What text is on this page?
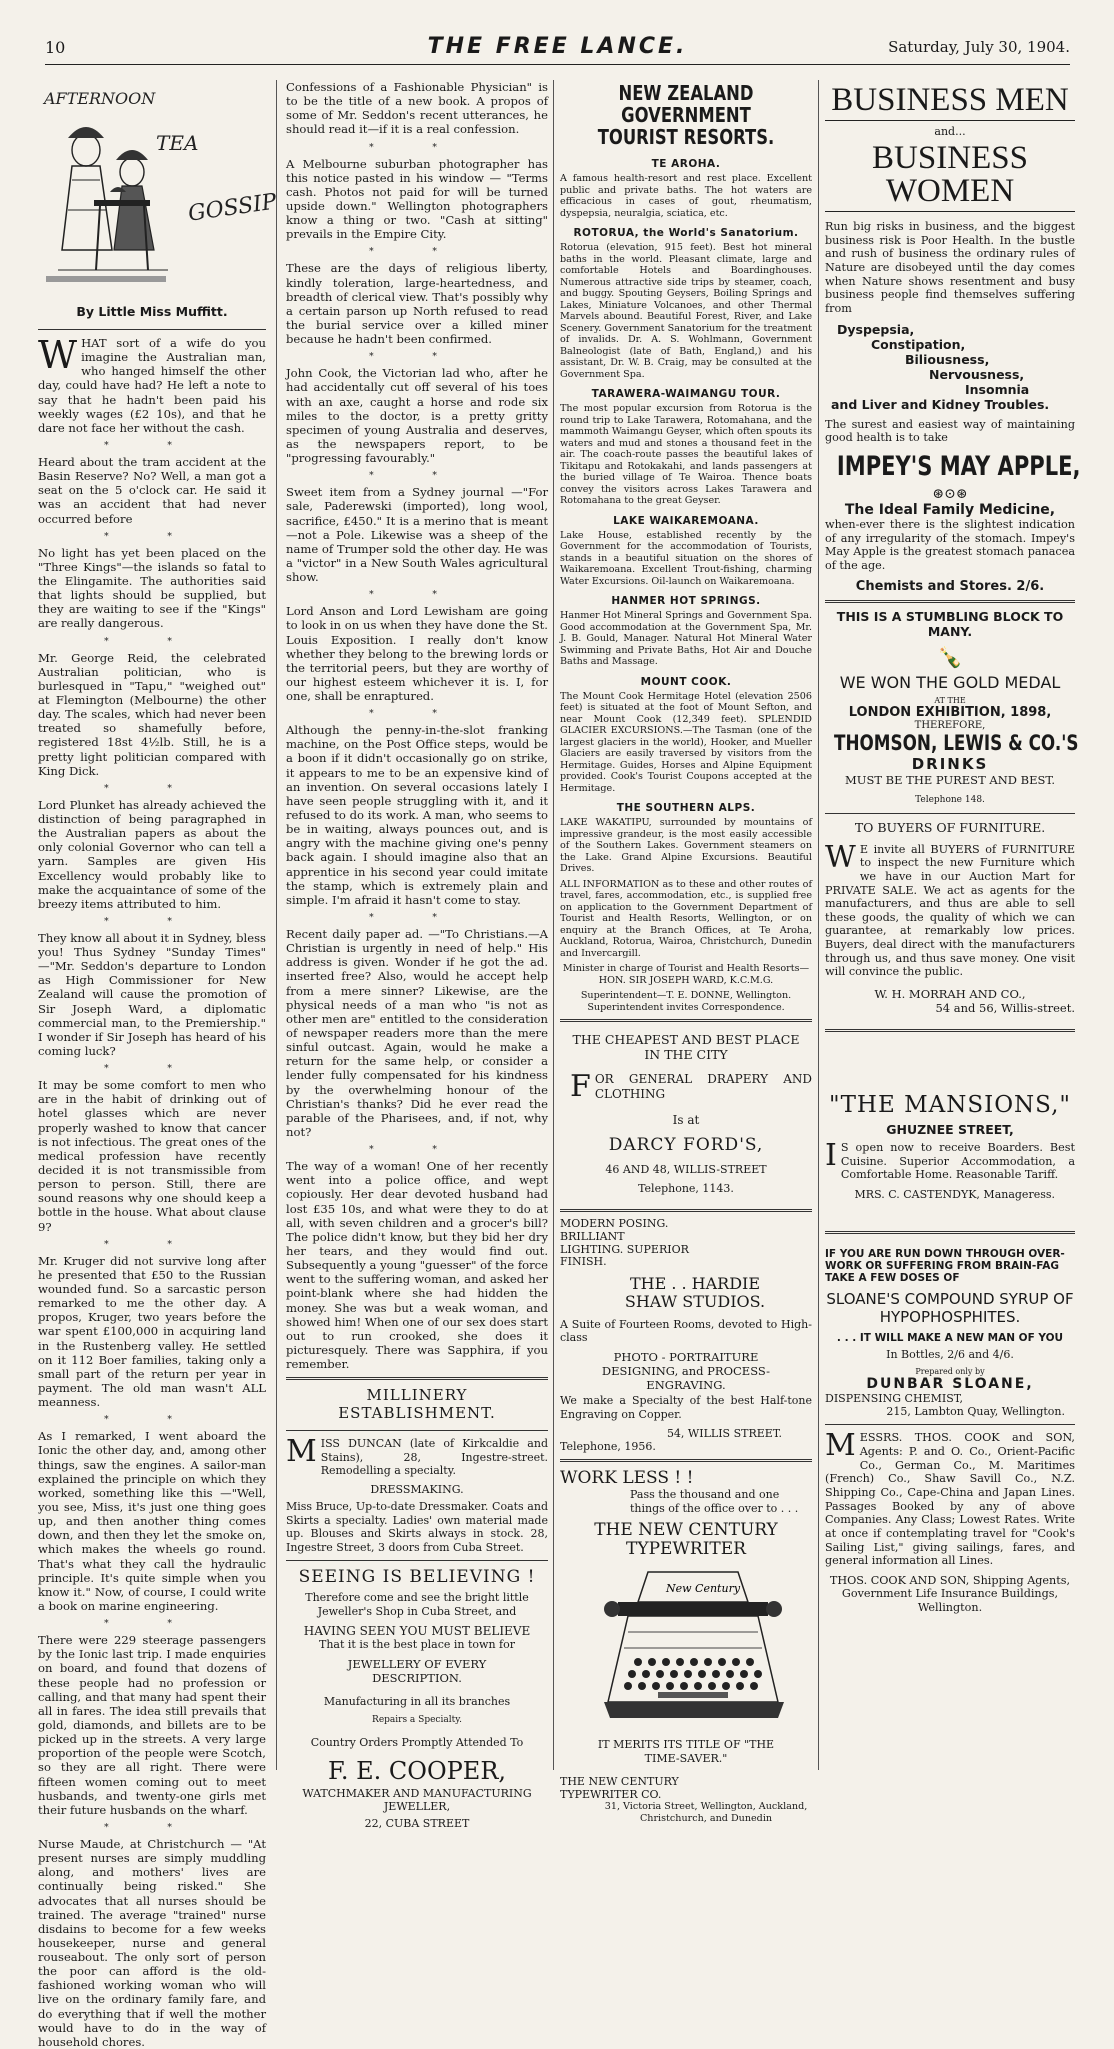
10	THE FREE LANCE.	Saturday, July 30, 1904.
AFTERNOON
TEA
GOSSIP
By Little Miss Muffitt.

WHAT sort of a wife do you imagine the Australian man, who hanged himself the other day, could have had? He left a note to say that he hadn't been paid his weekly wages (£2 10s), and that he dare not face her without the cash.

* *

Heard about the tram accident at the Basin Reserve? No? Well, a man got a seat on the 5 o'clock car. He said it was an accident that had never occurred before

* *

No light has yet been placed on the "Three Kings"—the islands so fatal to the Elingamite. The authorities said that lights should be supplied, but they are waiting to see if the "Kings" are really dangerous.

* *

Mr. George Reid, the celebrated Australian politician, who is burlesqued in "Tapu," "weighed out" at Flemington (Melbourne) the other day. The scales, which had never been treated so shamefully before, registered 18st 4½lb. Still, he is a pretty light politician compared with King Dick.

* *

Lord Plunket has already achieved the distinction of being paragraphed in the Australian papers as about the only colonial Governor who can tell a yarn. Samples are given His Excellency would probably like to make the acquaintance of some of the breezy items attributed to him.

* *

They know all about it in Sydney, bless you! Thus Sydney "Sunday Times" —"Mr. Seddon's departure to London as High Commissioner for New Zealand will cause the promotion of Sir Joseph Ward, a diplomatic commercial man, to the Premiership." I wonder if Sir Joseph has heard of his coming luck?

* *

It may be some comfort to men who are in the habit of drinking out of hotel glasses which are never properly washed to know that cancer is not infectious. The great ones of the medical profession have recently decided it is not transmissible from person to person. Still, there are sound reasons why one should keep a bottle in the house. What about clause 9?

* *

Mr. Kruger did not survive long after he presented that £50 to the Russian wounded fund. So a sarcastic person remarked to me the other day. A propos, Kruger, two years before the war spent £100,000 in acquiring land in the Rustenberg valley. He settled on it 112 Boer families, taking only a small part of the return per year in payment. The old man wasn't ALL meanness.

* *

As I remarked, I went aboard the Ionic the other day, and, among other things, saw the engines. A sailor-man explained the principle on which they worked, something like this —"Well, you see, Miss, it's just one thing goes up, and then another thing comes down, and then they let the smoke on, which makes the wheels go round. That's what they call the hydraulic principle. It's quite simple when you know it." Now, of course, I could write a book on marine engineering.

* *

There were 229 steerage passengers by the Ionic last trip. I made enquiries on board, and found that dozens of these people had no profession or calling, and that many had spent their all in fares. The idea still prevails that gold, diamonds, and billets are to be picked up in the streets. A very large proportion of the people were Scotch, so they are all right. There were fifteen women coming out to meet husbands, and twenty-one girls met their future husbands on the wharf.

* *

Nurse Maude, at Christchurch — "At present nurses are simply muddling along, and mothers' lives are continually being risked." She advocates that all nurses should be trained. The average "trained" nurse disdains to become for a few weeks housekeeper, nurse and general rouseabout. The only sort of person the poor can afford is the old-fashioned working woman who will live on the ordinary family fare, and do everything that if well the mother would have to do in the way of household chores.

Confessions of a Fashionable Physician" is to be the title of a new book. A propos of some of Mr. Seddon's recent utterances, he should read it—if it is a real confession.

* *

A Melbourne suburban photographer has this notice pasted in his window — "Terms cash. Photos not paid for will be turned upside down." Wellington photographers know a thing or two. "Cash at sitting" prevails in the Empire City.

* *

These are the days of religious liberty, kindly toleration, large-heartedness, and breadth of clerical view. That's possibly why a certain parson up North refused to read the burial service over a killed miner because he hadn't been confirmed.

* *

John Cook, the Victorian lad who, after he had accidentally cut off several of his toes with an axe, caught a horse and rode six miles to the doctor, is a pretty gritty specimen of young Australia and deserves, as the newspapers report, to be "progressing favourably."

* *

Sweet item from a Sydney journal —"For sale, Paderewski (imported), long wool, sacrifice, £450." It is a merino that is meant—not a Pole. Likewise was a sheep of the name of Trumper sold the other day. He was a "victor" in a New South Wales agricultural show.

* *

Lord Anson and Lord Lewisham are going to look in on us when they have done the St. Louis Exposition. I really don't know whether they belong to the brewing lords or the territorial peers, but they are worthy of our highest esteem whichever it is. I, for one, shall be enraptured.

* *

Although the penny-in-the-slot franking machine, on the Post Office steps, would be a boon if it didn't occasionally go on strike, it appears to me to be an expensive kind of an invention. On several occasions lately I have seen people struggling with it, and it refused to do its work. A man, who seems to be in waiting, always pounces out, and is angry with the machine giving one's penny back again. I should imagine also that an apprentice in his second year could imitate the stamp, which is extremely plain and simple. I'm afraid it hasn't come to stay.

* *

Recent daily paper ad. —"To Christians.—A Christian is urgently in need of help." His address is given. Wonder if he got the ad. inserted free? Also, would he accept help from a mere sinner? Likewise, are the physical needs of a man who "is not as other men are" entitled to the consideration of newspaper readers more than the mere sinful outcast. Again, would he make a return for the same help, or consider a lender fully compensated for his kindness by the overwhelming honour of the Christian's thanks? Did he ever read the parable of the Pharisees, and, if not, why not?

* *

The way of a woman! One of her recently went into a police office, and wept copiously. Her dear devoted husband had lost £35 10s, and what were they to do at all, with seven children and a grocer's bill? The police didn't know, but they bid her dry her tears, and they would find out. Subsequently a young "guesser" of the force went to the suffering woman, and asked her point-blank where she had hidden the money. She was but a weak woman, and showed him! When one of our sex does start out to run crooked, she does it picturesquely. There was Sapphira, if you remember.

MILLINERY ESTABLISHMENT.

MISS DUNCAN (late of Kirkcaldie and Stains), 28, Ingestre-street. Remodelling a specialty.

DRESSMAKING.

Miss Bruce, Up-to-date Dressmaker. Coats and Skirts a specialty. Ladies' own material made up. Blouses and Skirts always in stock. 28, Ingestre Street, 3 doors from Cuba Street.

SEEING IS BELIEVING !

Therefore come and see the bright little Jeweller's Shop in Cuba Street, and

HAVING SEEN YOU MUST BELIEVE

That it is the best place in town for

JEWELLERY OF EVERY DESCRIPTION.

Manufacturing in all its branches

Repairs a Specialty.

Country Orders Promptly Attended To

F. E. COOPER,
WATCHMAKER AND MANUFACTURING JEWELLER,
22, CUBA STREET
NEW ZEALAND GOVERNMENT TOURIST RESORTS.
TE AROHA.

A famous health-resort and rest place. Excellent public and private baths. The hot waters are efficacious in cases of gout, rheumatism, dyspepsia, neuralgia, sciatica, etc.

ROTORUA, the World's Sanatorium.

Rotorua (elevation, 915 feet). Best hot mineral baths in the world. Pleasant climate, large and comfortable Hotels and Boardinghouses. Numerous attractive side trips by steamer, coach, and buggy. Spouting Geysers, Boiling Springs and Lakes, Miniature Volcanoes, and other Thermal Marvels abound. Beautiful Forest, River, and Lake Scenery. Government Sanatorium for the treatment of invalids. Dr. A. S. Wohlmann, Government Balneologist (late of Bath, England,) and his assistant, Dr. W. B. Craig, may be consulted at the Government Spa.

TARAWERA-WAIMANGU TOUR.

The most popular excursion from Rotorua is the round trip to Lake Tarawera, Rotomahana, and the mammoth Waimangu Geyser, which often spouts its waters and mud and stones a thousand feet in the air. The coach-route passes the beautiful lakes of Tikitapu and Rotokakahi, and lands passengers at the buried village of Te Wairoa. Thence boats convey the visitors across Lakes Tarawera and Rotomahana to the great Geyser.

LAKE WAIKAREMOANA.

Lake House, established recently by the Government for the accommodation of Tourists, stands in a beautiful situation on the shores of Waikaremoana. Excellent Trout-fishing, charming Water Excursions. Oil-launch on Waikaremoana.

HANMER HOT SPRINGS.

Hanmer Hot Mineral Springs and Government Spa. Good accommodation at the Government Spa, Mr. J. B. Gould, Manager. Natural Hot Mineral Water Swimming and Private Baths, Hot Air and Douche Baths and Massage.

MOUNT COOK.

The Mount Cook Hermitage Hotel (elevation 2506 feet) is situated at the foot of Mount Sefton, and near Mount Cook (12,349 feet). SPLENDID GLACIER EXCURSIONS.—The Tasman (one of the largest glaciers in the world), Hooker, and Mueller Glaciers are easily traversed by visitors from the Hermitage. Guides, Horses and Alpine Equipment provided. Cook's Tourist Coupons accepted at the Hermitage.

THE SOUTHERN ALPS.

LAKE WAKATIPU, surrounded by mountains of impressive grandeur, is the most easily accessible of the Southern Lakes. Government steamers on the Lake. Grand Alpine Excursions. Beautiful Drives.

ALL INFORMATION as to these and other routes of travel, fares, accommodation, etc., is supplied free on application to the Government Department of Tourist and Health Resorts, Wellington, or on enquiry at the Branch Offices, at Te Aroha, Auckland, Rotorua, Wairoa, Christchurch, Dunedin and Invercargill.

Minister in charge of Tourist and Health Resorts—HON. SIR JOSEPH WARD, K.C.M.G.

Superintendent—T. E. DONNE, Wellington. Superintendent invites Correspondence.

THE CHEAPEST AND BEST PLACE IN THE CITY

FOR GENERAL DRAPERY AND CLOTHING

Is at
DARCY FORD'S,
46 AND 48, WILLIS-STREET
Telephone, 1143.
MODERN POSING. BRILLIANT LIGHTING. SUPERIOR FINISH.
THE . . HARDIE SHAW STUDIOS.

A Suite of Fourteen Rooms, devoted to High-class

PHOTO - PORTRAITURE DESIGNING, and PROCESS-ENGRAVING.

We make a Specialty of the best Half-tone Engraving on Copper.

54, WILLIS STREET.
Telephone, 1956.
WORK LESS ! !

Pass the thousand and one things of the office over to . . .

THE NEW CENTURY TYPEWRITER
New Century

IT MERITS ITS TITLE OF "THE TIME-SAVER."

THE NEW CENTURY TYPEWRITER CO.

31, Victoria Street, Wellington, Auckland, Christchurch, and Dunedin

BUSINESS MEN
and...
BUSINESS WOMEN

Run big risks in business, and the biggest business risk is Poor Health. In the bustle and rush of business the ordinary rules of Nature are disobeyed until the day comes when Nature shows resentment and busy business people find themselves suffering from

Dyspepsia,
Constipation,
Biliousness,
Nervousness,
Insomnia
and Liver and Kidney Troubles.

The surest and easiest way of maintaining good health is to take

IMPEY'S MAY APPLE,
⊛⊙⊛
The Ideal Family Medicine,

when-ever there is the slightest indication of any irregularity of the stomach. Impey's May Apple is the greatest stomach panacea of the age.

Chemists and Stores. 2/6.
THIS IS A STUMBLING BLOCK TO MANY.
🍾
WE WON THE GOLD MEDAL
AT THE
LONDON EXHIBITION, 1898,
THEREFORE,
THOMSON, LEWIS & CO.'S
DRINKS
MUST BE THE PUREST AND BEST.
Telephone 148.
TO BUYERS OF FURNITURE.

W E invite all BUYERS of FURNITURE to inspect the new Furniture which we have in our Auction Mart for PRIVATE SALE. We act as agents for the manufacturers, and thus are able to sell these goods, the quality of which we can guarantee, at remarkably low prices. Buyers, deal direct with the manufacturers through us, and thus save money. One visit will convince the public.

W. H. MORRAH AND CO.,
54 and 56, Willis-street.
"THE MANSIONS,"
GHUZNEE STREET,

I S open now to receive Boarders. Best Cuisine. Superior Accommodation, a Comfortable Home. Reasonable Tariff.

MRS. C. CASTENDYK, Manageress.
IF YOU ARE RUN DOWN THROUGH OVER-WORK OR SUFFERING FROM BRAIN-FAG TAKE A FEW DOSES OF
SLOANE'S COMPOUND SYRUP OF HYPOPHOSPHITES.
. . . IT WILL MAKE A NEW MAN OF YOU
In Bottles, 2/6 and 4/6.
Prepared only by
DUNBAR SLOANE,
DISPENSING CHEMIST,
215, Lambton Quay, Wellington.

MESSRS. THOS. COOK and SON, Agents: P. and O. Co., Orient-Pacific Co., German Co., M. Maritimes (French) Co., Shaw Savill Co., N.Z. Shipping Co., Cape-China and Japan Lines. Passages Booked by any of above Companies. Any Class; Lowest Rates. Write at once if contemplating travel for "Cook's Sailing List," giving sailings, fares, and general information all Lines.

THOS. COOK AND SON, Shipping Agents, Government Life Insurance Buildings, Wellington.
